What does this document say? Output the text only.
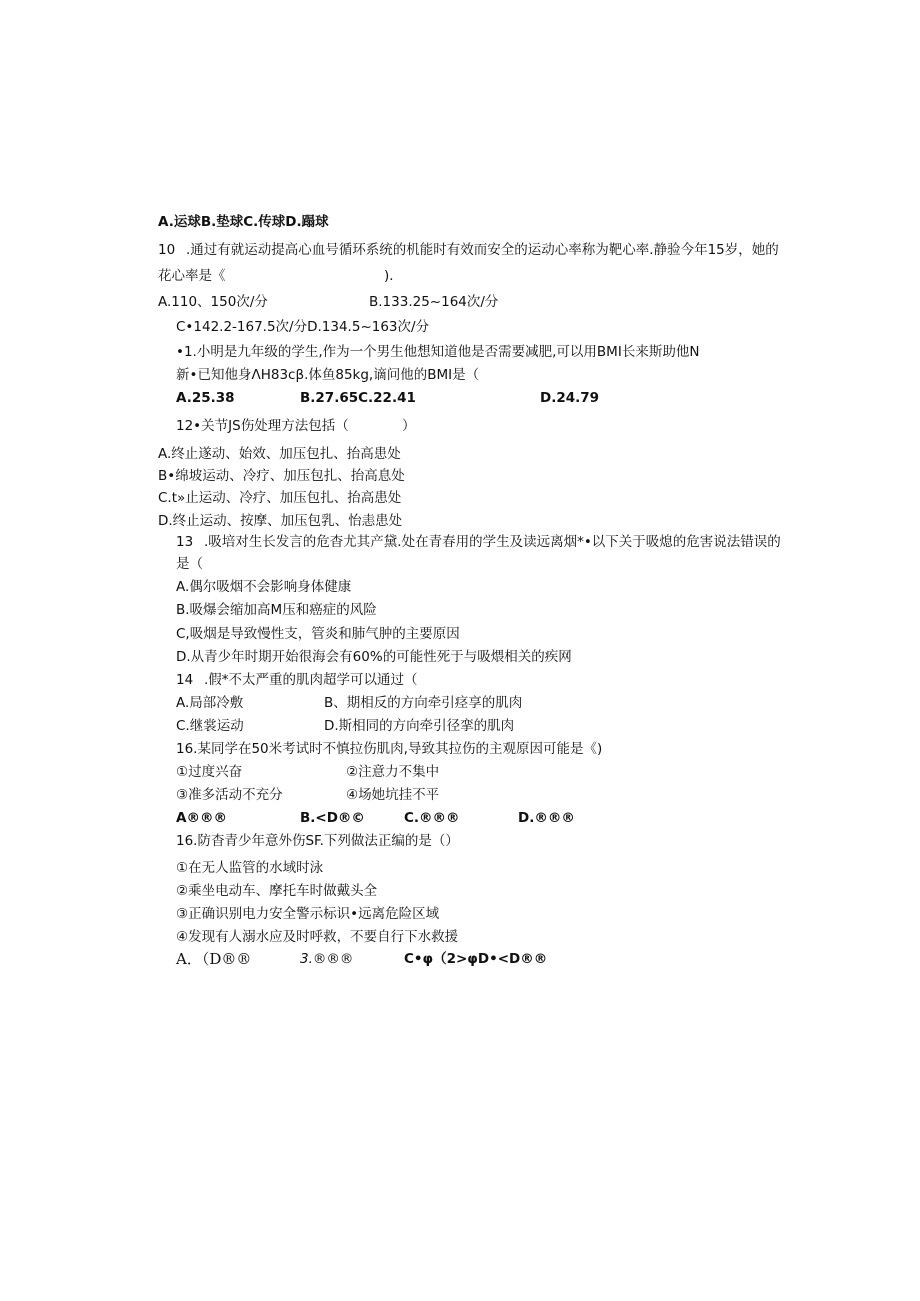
A.运球B.垫球C.传球D.蹋球
10 .通过有就运动提高心血号循环系统的机能时有效而安全的运动心率称为靶心率.静验今年15岁，她的
花心率是《	)．
A.110、150次/分	B.133.25~164次/分
C•142.2-167.5次/分D.134.5~163次/分
•1.小明是九年级的学生,作为一个男生他想知道他是否需要减肥,可以用BMI长来斯助他N
新•已知他身ΛH83cβ.体鱼85kg,谪问他的BMI是（
A.25.38	B.27.65C.22.41	D.24.79
12•关节JS伤处理方法包括（	）
A.终止遂动、始效、加压包扎、抬高患处
B•绵坡运动、冷疗、加压包扎、抬高息处
C.t»止运动、冷疗、加压包扎、抬高患处
D.终止运动、按摩、加压包乳、怡恚患处
13 .吸培对生长发言的危杳尤其产黛.处在青春用的学生及读远离烟*•以下关于吸熄的危害说法错误的
是（
A.偶尔吸烟不会影响身体健康
B.吸爆会缩加高M压和癌症的风险
C,吸烟是导致慢性支，管炎和肺气肿的主要原因
D.从青少年时期开始很海会有60%的可能性死于与吸煨相关的疾网
14 .假*不太严重的肌肉超学可以通过（
A.局部冷敷	B、期相反的方向牵引痉享的肌肉
C.继裳运动	D.斯相同的方向牵引径挛的肌肉
16.某同学在50米考试时不慎拉伤肌肉,导致其拉伤的主观原因可能是《)
①过度兴奋	②注意力不集中
③准多活动不充分	④场她坑挂不平
A®®®	B.<D®©	C.®®®	D.®®®
16.防杳青少年意外伤SF.下列做法正编的是（）
①在无人监管的水域时泳
②乘坐电动车、摩托车时做戴头全
③正确识别电力安全警示标识•远离危险区域
④发现有人溺水应及时呼救，不要自行下水救援
A．（D®®	3.®®®	C•φ（2>φD•<D®®
